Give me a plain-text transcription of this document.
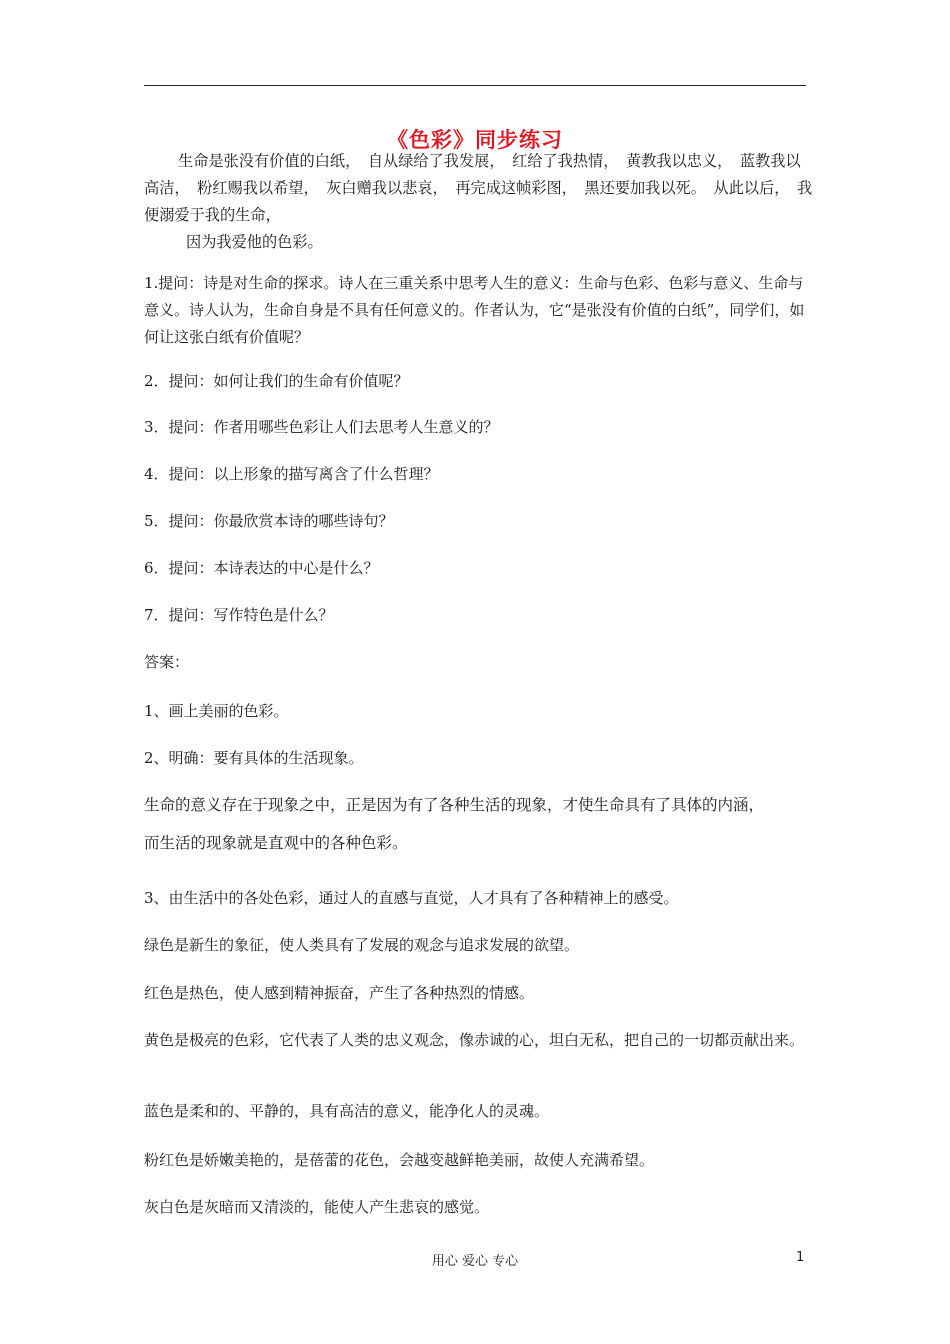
《色彩》同步练习

生命是张没有价值的白纸，　自从绿给了我发展，　红给了我热情，　黄教我以忠义，　蓝教我以高洁，　粉红赐我以希望，　灰白赠我以悲哀，　再完成这帧彩图，　黑还要加我以死。　从此以后，　我便溺爱于我的生命，

因为我爱他的色彩。

1.提问：诗是对生命的探求。诗人在三重关系中思考人生的意义：生命与色彩、色彩与意义、生命与意义。诗人认为，生命自身是不具有任何意义的。作者认为，它“是张没有价值的白纸”，同学们，如何让这张白纸有价值呢？

2．提问：如何让我们的生命有价值呢？

3．提问：作者用哪些色彩让人们去思考人生意义的？

4．提问：以上形象的描写离含了什么哲理？

5．提问：你最欣赏本诗的哪些诗句？

6．提问：本诗表达的中心是什么？

7．提问：写作特色是什么？

答案：

1、画上美丽的色彩。

2、明确：要有具体的生活现象。

生命的意义存在于现象之中，正是因为有了各种生活的现象，才使生命具有了具体的内涵，

而生活的现象就是直观中的各种色彩。

3、由生活中的各处色彩，通过人的直感与直觉，人才具有了各种精神上的感受。

绿色是新生的象征，使人类具有了发展的观念与追求发展的欲望。

红色是热色，使人感到精神振奋，产生了各种热烈的情感。

黄色是极亮的色彩，它代表了人类的忠义观念，像赤诚的心，坦白无私，把自己的一切都贡献出来。

蓝色是柔和的、平静的，具有高洁的意义，能净化人的灵魂。

粉红色是娇嫩美艳的，是蓓蕾的花色，会越变越鲜艳美丽，故使人充满希望。

灰白色是灰暗而又清淡的，能使人产生悲哀的感觉。

用心 爱心 专心	1
